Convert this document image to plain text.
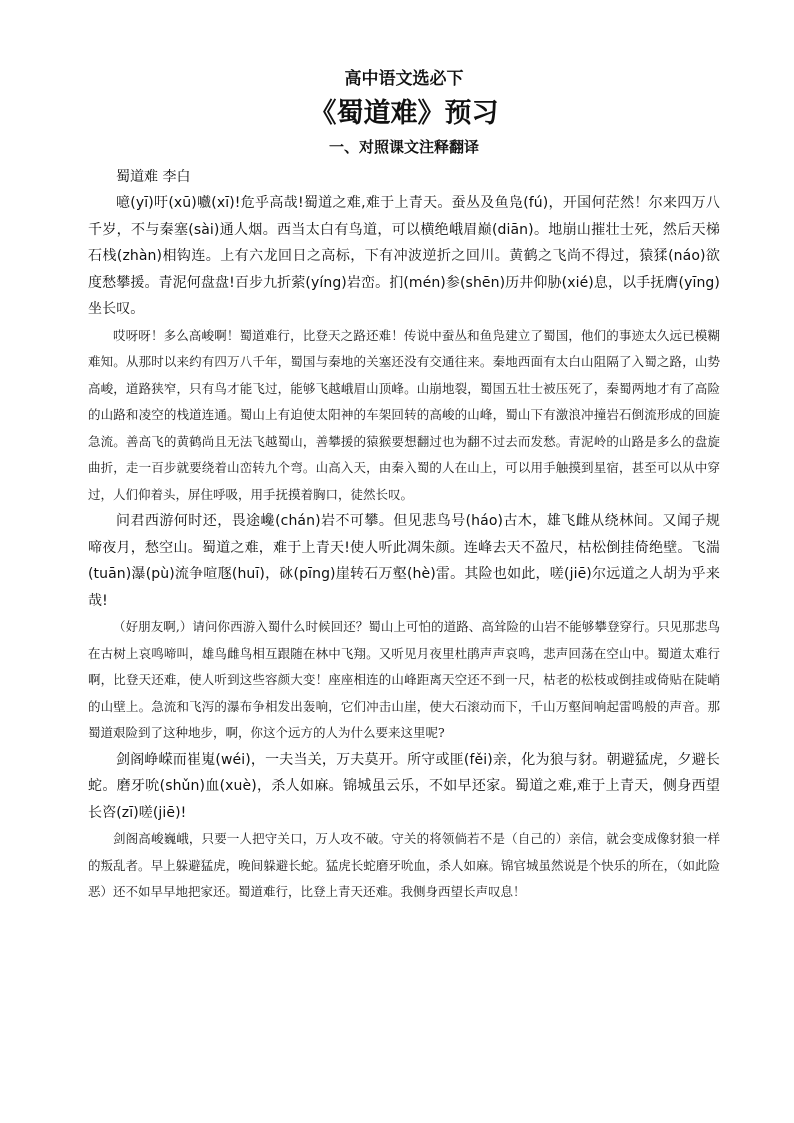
高中语文选必下
《蜀道难》预习
一、对照课文注释翻译

蜀道难 李白

噫(yī)吁(xū)嚱(xī)!危乎高哉!蜀道之难,难于上青天。蚕丛及鱼凫(fú)，开国何茫然！尔来四万八千岁，不与秦塞(sài)通人烟。西当太白有鸟道，可以横绝峨眉巅(diān)。地崩山摧壮士死，然后天梯石栈(zhàn)相钩连。上有六龙回日之高标，下有冲波逆折之回川。黄鹤之飞尚不得过，猿猱(náo)欲度愁攀援。青泥何盘盘!百步九折萦(yíng)岩峦。扪(mén)参(shēn)历井仰胁(xié)息，以手抚膺(yīng)坐长叹。

哎呀呀！多么高峻啊！蜀道难行，比登天之路还难！传说中蚕丛和鱼凫建立了蜀国，他们的事迹太久远已模糊难知。从那时以来约有四万八千年，蜀国与秦地的关塞还没有交通往来。秦地西面有太白山阻隔了入蜀之路，山势高峻，道路狭窄，只有鸟才能飞过，能够飞越峨眉山顶峰。山崩地裂，蜀国五壮士被压死了，秦蜀两地才有了高险的山路和凌空的栈道连通。蜀山上有迫使太阳神的车架回转的高峻的山峰，蜀山下有激浪冲撞岩石倒流形成的回旋急流。善高飞的黄鹤尚且无法飞越蜀山，善攀援的猿猴要想翻过也为翻不过去而发愁。青泥岭的山路是多么的盘旋曲折，走一百步就要绕着山峦转九个弯。山高入天，由秦入蜀的人在山上，可以用手触摸到星宿，甚至可以从中穿过，人们仰着头，屏住呼吸，用手抚摸着胸口，徒然长叹。

问君西游何时还，畏途巉(chán)岩不可攀。但见悲鸟号(háo)古木，雄飞雌从绕林间。又闻子规啼夜月，愁空山。蜀道之难，难于上青天!使人听此凋朱颜。连峰去天不盈尺，枯松倒挂倚绝壁。飞湍(tuān)瀑(pù)流争喧豗(huī)，砯(pīng)崖转石万壑(hè)雷。其险也如此，嗟(jiē)尔远道之人胡为乎来哉!

（好朋友啊,）请问你西游入蜀什么时候回还？蜀山上可怕的道路、高耸险的山岩不能够攀登穿行。只见那悲鸟在古树上哀鸣啼叫，雄鸟雌鸟相互跟随在林中飞翔。又听见月夜里杜鹃声声哀鸣，悲声回荡在空山中。蜀道太难行啊，比登天还难，使人听到这些容颜大变！座座相连的山峰距离天空还不到一尺，枯老的松枝或倒挂或倚贴在陡峭的山壁上。急流和飞泻的瀑布争相发出轰响，它们冲击山崖，使大石滚动而下，千山万壑间响起雷鸣般的声音。那蜀道艰险到了这种地步，啊，你这个远方的人为什么要来这里呢?

剑阁峥嵘而崔嵬(wéi)，一夫当关，万夫莫开。所守或匪(fěi)亲，化为狼与豺。朝避猛虎，夕避长蛇。磨牙吮(shǔn)血(xuè)，杀人如麻。锦城虽云乐，不如早还家。蜀道之难,难于上青天，侧身西望长咨(zī)嗟(jiē)!

剑阁高峻巍峨，只要一人把守关口，万人攻不破。守关的将领倘若不是（自己的）亲信，就会变成像豺狼一样的叛乱者。早上躲避猛虎，晚间躲避长蛇。猛虎长蛇磨牙吮血，杀人如麻。锦官城虽然说是个快乐的所在，（如此险恶）还不如早早地把家还。蜀道难行，比登上青天还难。我侧身西望长声叹息！
